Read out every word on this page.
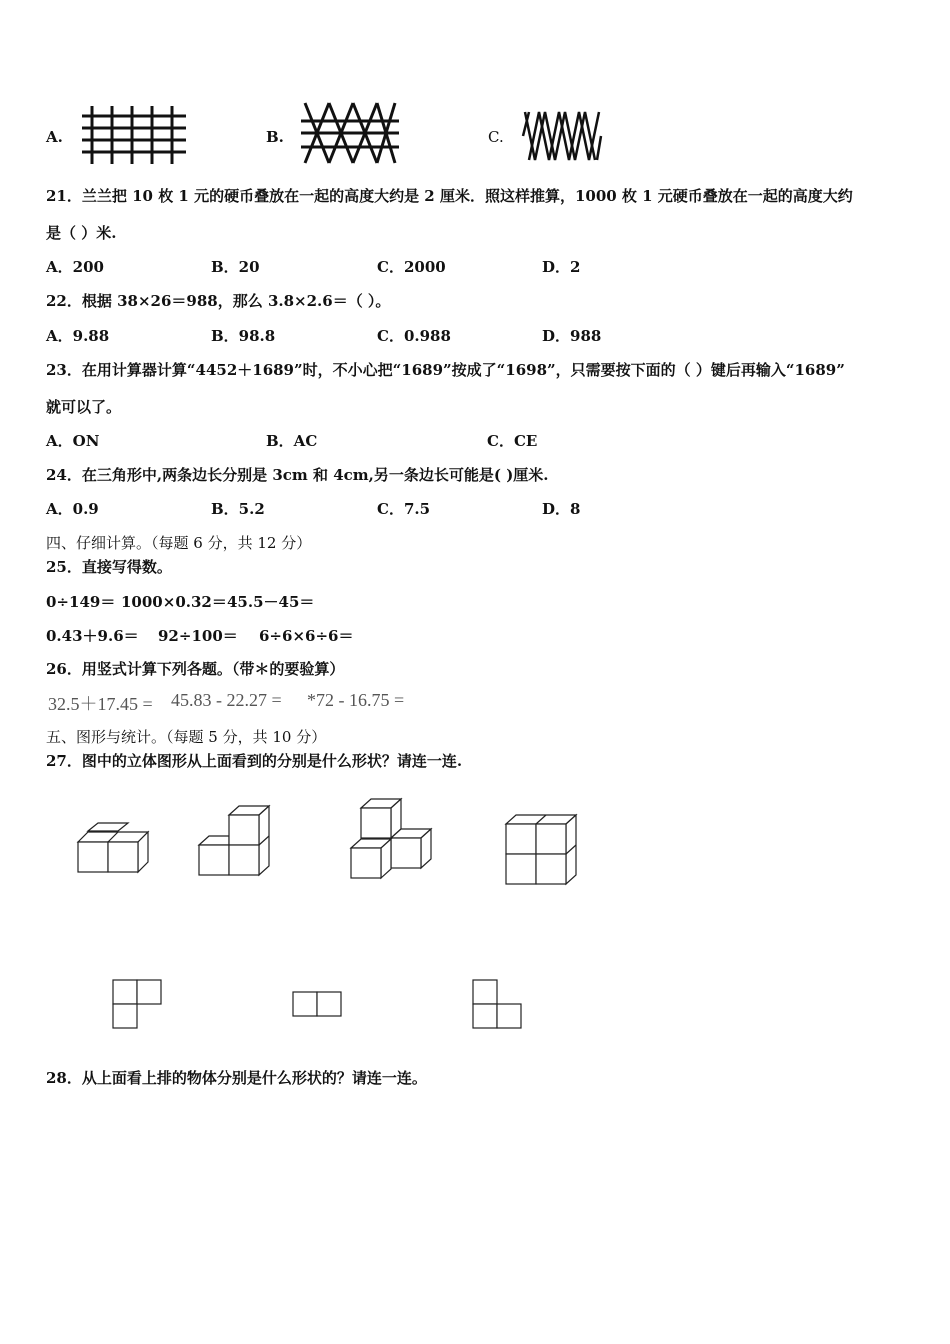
A.	B.	C.
21．兰兰把 10 枚 1 元的硬币叠放在一起的高度大约是 2 厘米．照这样推算，1000 枚 1 元硬币叠放在一起的高度大约
是（ ）米.
A．200	B．20	C．2000	D．2
22．根据 38×26＝988，那么 3.8×2.6＝（ ）。
A．9.88	B．98.8	C．0.988	D．988
23．在用计算器计算“4452＋1689”时，不小心把“1689”按成了“1698”，只需要按下面的（ ）键后再输入“1689”
就可以了。
A．ON	B．AC	C．CE
24．在三角形中,两条边长分别是 3cm 和 4cm,另一条边长可能是( )厘米.
A．0.9	B．5.2	C．7.5	D．8
四、仔细计算。（每题 6 分，共 12 分）
25．直接写得数。
0÷149＝ 1000×0.32＝ 45.5－45＝
0.43＋9.6＝ 92÷100＝ 6÷6×6÷6＝
26．用竖式计算下列各题。（带＊的要验算）
32.5＋17.45 = 45.83 - 22.27 = *72 - 16.75 =
五、图形与统计。（每题 5 分，共 10 分）
27．图中的立体图形从上面看到的分别是什么形状？请连一连.
28．从上面看上排的物体分别是什么形状的？请连一连。
